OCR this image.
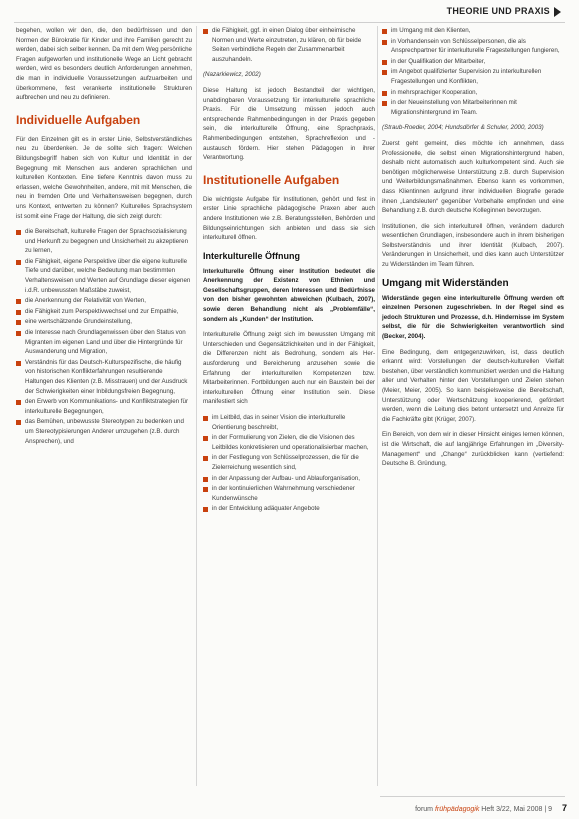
THEORIE UND PRAXIS

begehen, wollen wir den, die, den bedürfnissen und den Normen der Bürokratie für Kinder und ihre Familien gerecht zu werden, dabei sich selber kennen. Da mit dem Weg persönliche Fragen aufgeworfen und institutionelle Wege an Licht gebracht werden, wird es besonders deutlich Anforderungen annehmen, die man in individuelle Voraussetzungen aufzuarbeiten und überkommene, fest verankerte institutionelle Strukturen aufbrechen und neu zu definieren.

Individuelle Aufgaben

Für den Einzelnen gilt es in erster Linie, Selbstverständliches neu zu überdenken. Je de sollte sich fragen: Welchen Bildungsbegriff haben sich von Kultur und Identität in der Begegnung mit Menschen aus anderen sprachlichen und kulturellen Kontexten. Eine tiefere Kenntnis davon muss zu erlassen, welche Gewohnheiten, andere, mit mit Menschen, die neu in fremden Orte und Verhaltensweisen begegnen, durch uns Kontext, entwerten zu können? Kulturelles Sprachsystem ist somit eine Frage der Haltung, die sich zeigt durch:

die Bereitschaft, kulturelle Fragen der Sprachsozialisierung und Herkunft zu begegnen und Unsicherheit zu akzeptieren zu lernen,
die Fähigkeit, eigene Perspektive über die eigene kulturelle Tiefe und darüber, welche Bedeutung man bestimmten Verhaltensweisen und Werten auf Grundlage dieser eigenen i.d.R. unbewussten Maßstäbe zuweist,
die Anerkennung der Relativität von Werten,
die Fähigkeit zum Perspektivwechsel und zur Empathie,
eine wertschätzende Grundeinstellung,
die Interesse nach Grundlagenwissen über den Status von Migranten im eigenen Land und über die Hintergründe für Auswanderung und Migration,
Verständnis für das Deutsch-Kulturspezifische, die häufig von historischen Konflikterfahrungen resultierende Haltungen des Klienten (z.B. Misstrauen) und der Ausdruck der Schwierigkeiten einer Inbildungsfreien Begegnung,
den Erwerb von Kommunikations- und Konfliktstrategien für interkulturelle Begegnungen,
das Bemühen, unbewusste Stereotypen zu bedenken und um Stereotypisierungen Anderer umzugehen (z.B. durch Ansprechen), und
die Fähigkeit, ggf. in einen Dialog über einheimische Normen und Werte einzutreten, zu klären, ob für beide Seiten verbindliche Regeln der Zusammenarbeit auszuhandeln.

(Nazarkiewicz, 2002)

Diese Haltung ist jedoch Bestandteil der wichtigen, unabdingbaren Voraussetzung für interkulturelle sprachliche Praxis. Für die Umsetzung müssen jedoch auch entsprechende Rahmenbedingungen in der Praxis gegeben sein, die interkulturelle Öffnung, eine Sprachpraxis, Rahmenbedingungen entstehen, Sprachreflexion und -austausch fördern. Hier stehen Pädagogen in ihrer Verantwortung.

Institutionelle Aufgaben

Die wichtigste Aufgabe für Institutionen, gehört und fest in erster Linie sprachliche pädagogische Praxen aber auch andere Institutionen wie z.B. Beratungsstellen, Behörden und Bildungseinrichtungen sich anbieten und dass sie sich interkulturell öffnen.

Interkulturelle Öffnung

Interkulturelle Öffnung einer Institution bedeutet die Anerkennung der Existenz von Ethnien und Gesellschaftsgruppen, deren Interessen und Bedürfnisse von den bisher gewohnten abweichen (Kulbach, 2007), sowie deren Behandlung nicht als „Problemfälle“, sondern als „Kunden“ der Institution.

Interkulturelle Öffnung zeigt sich im bewussten Umgang mit Unterschieden und Gegensätzlichkeiten und in der Fähigkeit, die Differenzen nicht als Bedrohung, sondern als Herausforderung und Bereicherung anzusehen sowie die Erfahrung der interkulturellen Kompetenzen bzw. Mitarbeiterinnen. Fortbildungen auch nur ein Baustein bei der interkulturellen Öffnung einer Institution sein. Diese manifestiert sich

im Leitbild, das in seiner Vision die interkulturelle Orientierung beschreibt,
in der Formulierung von Zielen, die die Visionen des Leitbildes konkretisieren und operationalisierbar machen,
in der Festlegung von Schlüsselprozessen, die für die Zielerreichung wesentlich sind,
in der Anpassung der Aufbau- und Ablauforganisation,
in der kontinuierlichen Wahrnehmung verschiedener Kundenwünsche
in der Entwicklung adäquater Angebote
im Umgang mit den Klienten,
in Vorhandensein von Schlüsselpersonen, die als Ansprechpartner für interkulturelle Fragestellungen fungieren,
in der Qualifikation der Mitarbeiter,
im Angebot qualifizierter Supervision zu interkulturellen Fragestellungen und Konflikten,
in mehrsprachiger Kooperation,
in der Neueinstellung von Mitarbeiterinnen mit Migrationshintergrund im Team.

(Straub-Roeder, 2004; Hundsdörfer & Schuler, 2000, 2003)

Zuerst geht gemeint, dies möchte ich annehmen, dass Professionelle, die selbst einen Migrationshintergrund haben, deshalb nicht automatisch auch kulturkompetent sind. Auch sie benötigen möglicherweise Unterstützung z.B. durch Supervision und Weiterbildungsmaßnahmen. Ebenso kann es vorkommen, dass Klientinnen aufgrund ihrer individuellen Biografie gerade ihnen „Landsleuten“ gegenüber Vorbehalte empfinden und eine Behandlung z.B. durch deutsche Kolleginnen bevorzugen.

Institutionen, die sich interkulturell öffnen, verändern dadurch wesentlichen Grundlagen, insbesondere auch in ihrem bisherigen Selbstverständnis und ihrer Identität (Kulbach, 2007). Veränderungen in Unsicherheit, und dies kann auch Unterstützer zu Widerständen im Team führen.

Umgang mit Widerständen

Widerstände gegen eine interkulturelle Öffnung werden oft einzelnen Personen zugeschrieben. In der Regel sind es jedoch Strukturen und Prozesse, d.h. Hindernisse im System selbst, die für die Schwierigkeiten verantwortlich sind (Becker, 2004).

Eine Bedingung, dem entgegenzuwirken, ist, dass deutlich erkannt wird: Vorstellungen der deutsch-kulturellen Vielfalt bestehen, über verständlich kommuniziert werden und die Haltung aller und Verhalten hinter den Vorstellungen und Zielen stehen (Meier, Meier, 2005). So kann beispielsweise die Bereitschaft, Unterstützung oder Wertschätzung kooperierend, gefördert werden, wenn die Leitung dies betont untersetzt und Anreize für die Fachkräfte gibt (Krüger, 2007).

Ein Bereich, von dem wir in dieser Hinsicht einiges lernen können, ist die Wirtschaft, die auf langjährige Erfahrungen im „Diversity-Management“ und „Change“ zurückblicken kann (vertiefend: Deutsche B. Gründung,

forum frühpädagogik Heft 3/22, Mai 2008 | 9 7
